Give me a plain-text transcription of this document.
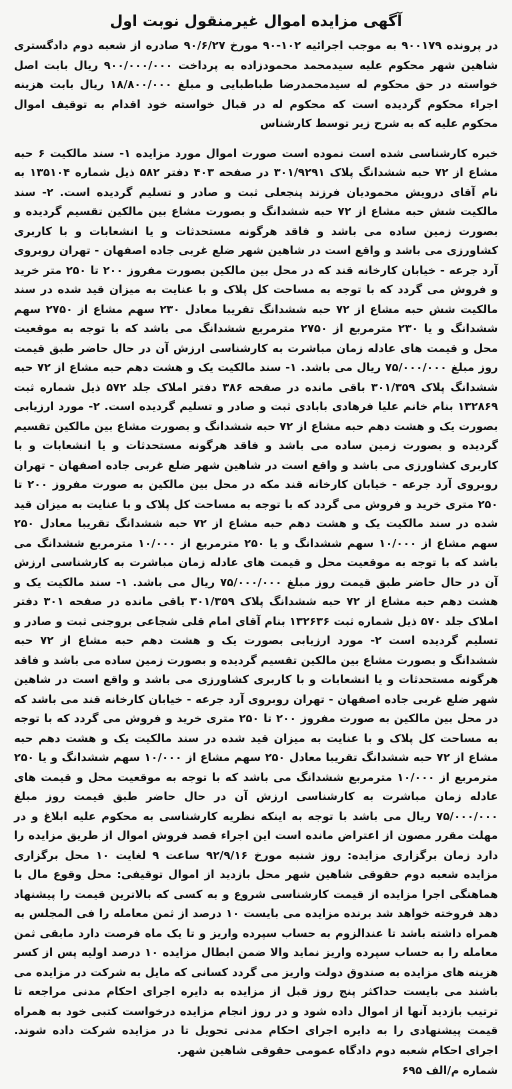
آگهی مزایده اموال غیرمنقول نوبت اول

در پرونده ۹۰۰۱۷۹ به موجب اجرائیه ۱۰۲-۹۰ مورخ ۹۰/۶/۲۷ صادره از شعبه دوم دادگستری شاهین شهر محکوم علیه سیدمحمد محمودزاده به پرداخت ۹۰۰/۰۰۰/۰۰۰ ریال بابت اصل خواسته در حق محکوم له سیدمحمدرضا طباطبایی و مبلغ ۱۸/۸۰۰/۰۰۰ ریال بابت هزینه اجراء محکوم گردیده است که محکوم له در قبال خواسته خود اقدام به توقیف اموال محکوم علیه که به شرح زیر توسط کارشناس

خبره کارشناسی شده است نموده است صورت اموال مورد مزایده ۱- سند مالکیت ۶ حبه مشاع از ۷۲ حبه ششدانگ پلاک ۳۰۱/۹۲۹۱ در صفحه ۴۰۳ دفتر ۵۸۲ ذیل شماره ۱۳۵۱۰۴ به نام آقای درویش محمودیان فرزند پنجعلی ثبت و صادر و تسلیم گردیده است. ۲- سند مالکیت شش حبه مشاع از ۷۲ حبه ششدانگ و بصورت مشاع بین مالکین تقسیم گردیده و بصورت زمین ساده می باشد و فاقد هرگونه مستحدثات و یا انشعابات و با کاربری کشاورزی می باشد و واقع است در شاهین شهر ضلع غربی جاده اصفهان - تهران روبروی آرد جرعه - خیابان کارخانه قند که در محل بین مالکین بصورت مفروز ۲۰۰ تا ۲۵۰ متر خرید و فروش می گردد که با توجه به مساحت کل پلاک و با عنایت به میزان قید شده در سند مالکیت شش حبه مشاع از ۷۲ حبه ششدانگ تقریبا معادل ۲۳۰ سهم مشاع از ۲۷۵۰ سهم ششدانگ و یا ۲۳۰ مترمربع از ۲۷۵۰ مترمربع ششدانگ می باشد که با توجه به موقعیت محل و قیمت های عادله زمان مباشرت به کارشناسی ارزش آن در حال حاضر طبق قیمت روز مبلغ ۷۵/۰۰۰/۰۰۰ ریال می باشد. ۱- سند مالکیت یک و هشت دهم حبه مشاع از ۷۲ حبه ششدانگ پلاک ۳۰۱/۳۵۹ باقی مانده در صفحه ۳۸۶ دفتر املاک جلد ۵۷۲ ذیل شماره ثبت ۱۳۲۸۶۹ بنام خانم علیا فرهادی بابادی ثبت و صادر و تسلیم گردیده است. ۲- مورد ارزیابی بصورت یک و هشت دهم حبه مشاع از ۷۲ حبه ششدانگ و بصورت مشاع بین مالکین تقسیم گردیده و بصورت زمین ساده می باشد و فاقد هرگونه مستحدثات و یا انشعابات و با کاربری کشاورزی می باشد و واقع است در شاهین شهر ضلع غربی جاده اصفهان - تهران روبروی آرد جرعه - خیابان کارخانه قند مکه در محل بین مالکین به صورت مفروز ۲۰۰ تا ۲۵۰ متری خرید و فروش می گردد که با توجه به مساحت کل پلاک و با عنایت به میزان قید شده در سند مالکیت یک و هشت دهم حبه مشاع از ۷۲ حبه ششدانگ تقریبا معادل ۲۵۰ سهم مشاع از ۱۰/۰۰۰ سهم ششدانگ و یا ۲۵۰ مترمربع از ۱۰/۰۰۰ مترمربع ششدانگ می باشد که با توجه به موقعیت محل و قیمت های عادله زمان مباشرت به کارشناسی ارزش آن در حال حاضر طبق قیمت روز مبلغ ۷۵/۰۰۰/۰۰۰ ریال می باشد. ۱- سند مالکیت یک و هشت دهم حبه مشاع از ۷۲ حبه ششدانگ پلاک ۳۰۱/۳۵۹ باقی مانده در صفحه ۳۰۱ دفتر املاک جلد ۵۷۰ ذیل شماره ثبت ۱۳۲۶۳۶ بنام آقای امام قلی شجاعی بروجنی ثبت و صادر و تسلیم گردیده است ۲- مورد ارزیابی بصورت یک و هشت دهم حبه مشاع از ۷۲ حبه ششدانگ و بصورت مشاع بین مالکین تقسیم گردیده و بصورت زمین ساده می باشد و فاقد هرگونه مستحدثات و یا انشعابات و با کاربری کشاورزی می باشد و واقع است در شاهین شهر ضلع غربی جاده اصفهان - تهران روبروی آرد جرعه - خیابان کارخانه قند می باشد که در محل بین مالکین به صورت مفروز ۲۰۰ تا ۲۵۰ متری خرید و فروش می گردد که با توجه به مساحت کل پلاک و با عنایت به میزان قید شده در سند مالکیت یک و هشت دهم حبه مشاع از ۷۲ حبه ششدانگ تقریبا معادل ۲۵۰ سهم مشاع از ۱۰/۰۰۰ سهم ششدانگ و یا ۲۵۰ مترمربع از ۱۰/۰۰۰ مترمربع ششدانگ می باشد که با توجه به موقعیت محل و قیمت های عادله زمان مباشرت به کارشناسی ارزش آن در حال حاضر طبق قیمت روز مبلغ ۷۵/۰۰۰/۰۰۰ ریال می باشد با توجه به اینکه نظریه کارشناسی به محکوم علیه ابلاغ و در مهلت مقرر مصون از اعتراض مانده است این اجراء قصد فروش اموال از طریق مزایده را دارد زمان برگزاری مزایده: روز شنبه مورخ ۹۲/۹/۱۶ ساعت ۹ لغایت ۱۰ محل برگزاری مزایده شعبه دوم حقوقی شاهین شهر محل بازدید از اموال توقیفی: محل وقوع مال با هماهنگی اجرا مزایده از قیمت کارشناسی شروع و به کسی که بالاترین قیمت را پیشنهاد دهد فروخته خواهد شد برنده مزایده می بایست ۱۰ درصد از ثمن معامله را فی المجلس به همراه داشته باشد تا عندالزوم به حساب سپرده واریز و تا یک ماه فرصت دارد مابقی ثمن معامله را به حساب سپرده واریز نماید والا ضمن ابطال مزایده ۱۰ درصد اولیه پس از کسر هزینه های مزایده به صندوق دولت واریز می گردد کسانی که مایل به شرکت در مزایده می باشند می بایست حداکثر پنج روز قبل از مزایده به دایره اجرای احکام مدنی مراجعه تا ترتیب بازدید آنها از اموال داده شود و در روز انجام مزایده درخواست کتبی خود به همراه قیمت پیشنهادی را به دایره اجرای احکام مدنی تحویل تا در مزایده شرکت داده شوند. اجرای احکام شعبه دوم دادگاه عمومی حقوقی شاهین شهر.

شماره م/الف ۶۹۵
